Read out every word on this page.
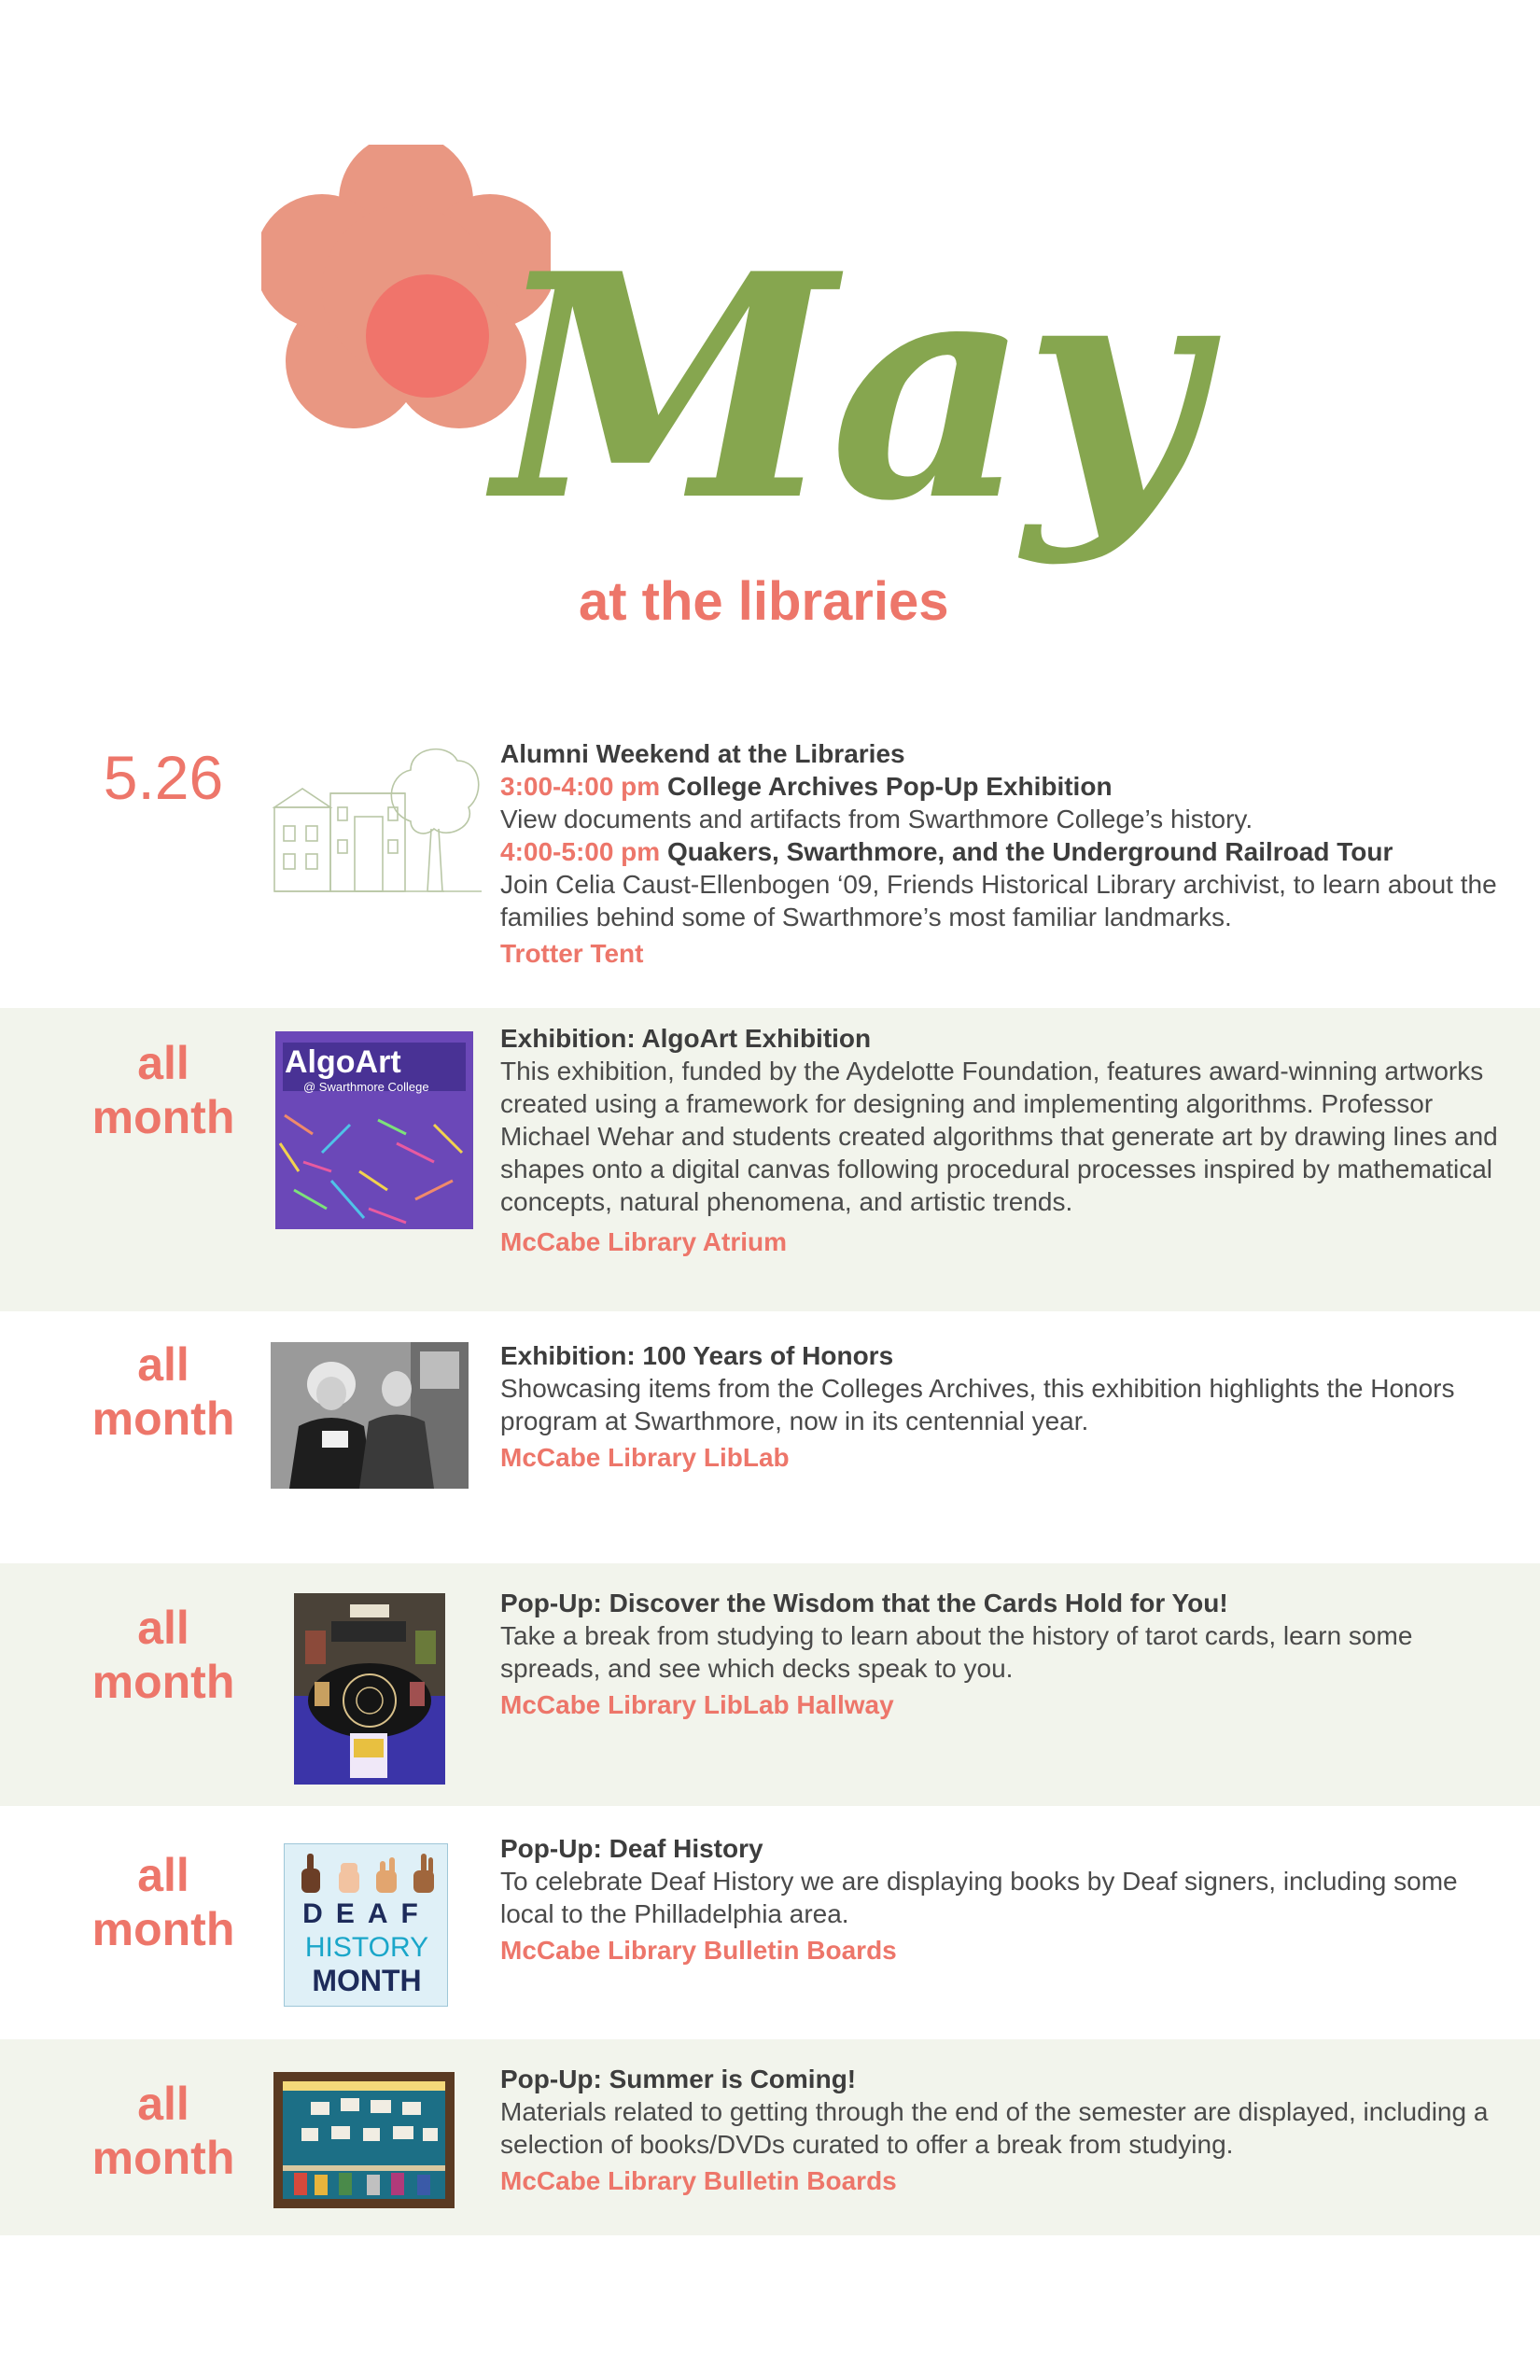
May
at the libraries
5.26	Alumni Weekend at the Libraries
3:00-4:00 pm College Archives Pop-Up Exhibition
View documents and artifacts from Swarthmore College’s history.
4:00-5:00 pm Quakers, Swarthmore, and the Underground Railroad Tour
Join Celia Caust-Ellenbogen ‘09, Friends Historical Library archivist, to learn about the families behind some of Swarthmore’s most familiar landmarks.
Trotter Tent
all
month
AlgoArt
@ Swarthmore College
Exhibition: AlgoArt Exhibition
This exhibition, funded by the Aydelotte Foundation, features award-winning artworks created using a framework for designing and implementing algorithms. Professor Michael Wehar and students created algorithms that generate art by drawing lines and shapes onto a digital canvas following procedural processes inspired by mathematical concepts, natural phenomena, and artistic trends.
McCabe Library Atrium
all
month
Exhibition: 100 Years of Honors
Showcasing items from the Colleges Archives, this exhibition highlights the Honors program at Swarthmore, now in its centennial year.
McCabe Library LibLab
all
month
Pop-Up: Discover the Wisdom that the Cards Hold for You!
Take a break from studying to learn about the history of tarot cards, learn some spreads, and see which decks speak to you.
McCabe Library LibLab Hallway
all
month	DEAF
HISTORY
MONTH
Pop-Up: Deaf History
To celebrate Deaf History we are displaying books by Deaf signers, including some local to the Philladelphia area.
McCabe Library Bulletin Boards
all
month
Pop-Up: Summer is Coming!
Materials related to getting through the end of the semester are displayed, including a selection of books/DVDs curated to offer a break from studying.
McCabe Library Bulletin Boards
